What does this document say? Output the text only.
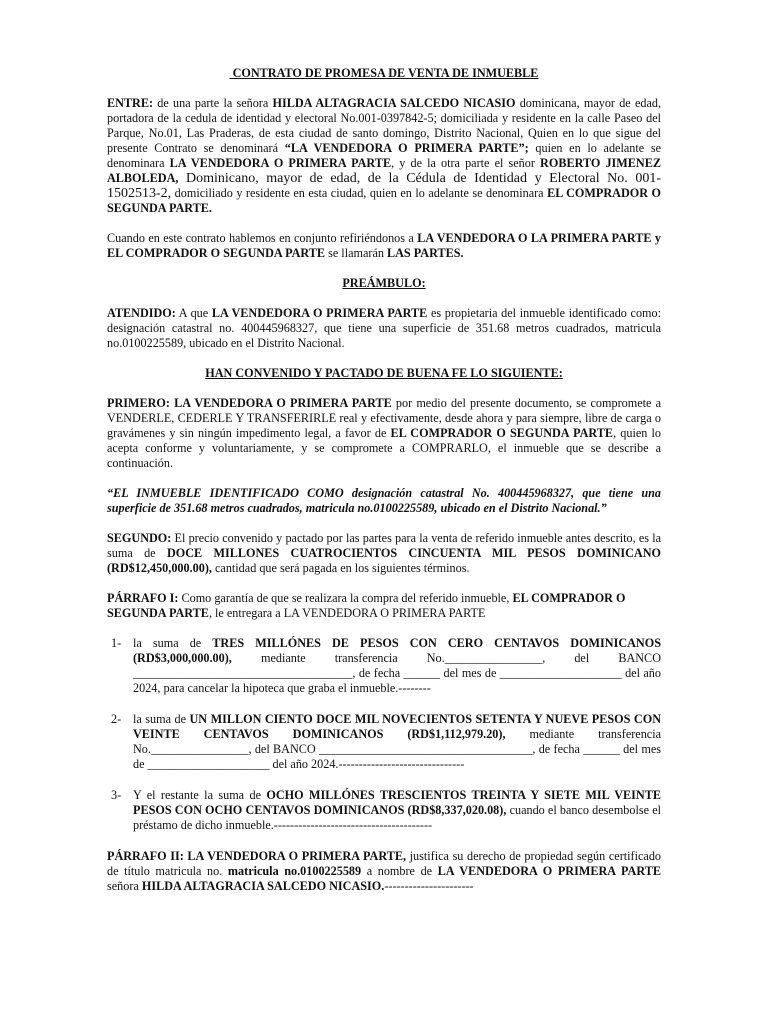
CONTRATO DE PROMESA DE VENTA DE INMUEBLE

ENTRE: de una parte la señora HILDA ALTAGRACIA SALCEDO NICASIO dominicana, mayor de edad, portadora de la cedula de identidad y electoral No.001-0397842-5; domiciliada y residente en la calle Paseo del Parque, No.01, Las Praderas, de esta ciudad de santo domingo, Distrito Nacional, Quien en lo que sigue del presente Contrato se denominará “LA VENDEDORA O PRIMERA PARTE”; quien en lo adelante se denominara LA VENDEDORA O PRIMERA PARTE, y de la otra parte el señor ROBERTO JIMENEZ ALBOLEDA, Dominicano, mayor de edad, de la Cédula de Identidad y Electoral No. 001-1502513-2, domiciliado y residente en esta ciudad, quien en lo adelante se denominara EL COMPRADOR O SEGUNDA PARTE.

Cuando en este contrato hablemos en conjunto refiriéndonos a LA VENDEDORA O LA PRIMERA PARTE y EL COMPRADOR O SEGUNDA PARTE se llamarán LAS PARTES.

PREÁMBULO:

ATENDIDO: A que LA VENDEDORA O PRIMERA PARTE es propietaria del inmueble identificado como: designación catastral no. 400445968327, que tiene una superficie de 351.68 metros cuadrados, matricula no.0100225589, ubicado en el Distrito Nacional.

HAN CONVENIDO Y PACTADO DE BUENA FE LO SIGUIENTE:

PRIMERO: LA VENDEDORA O PRIMERA PARTE por medio del presente documento, se compromete a VENDERLE, CEDERLE Y TRANSFERIRLE real y efectivamente, desde ahora y para siempre, libre de carga o gravámenes y sin ningún impedimento legal, a favor de EL COMPRADOR O SEGUNDA PARTE, quien lo acepta conforme y voluntariamente, y se compromete a COMPRARLO, el inmueble que se describe a continuación.

“EL INMUEBLE IDENTIFICADO COMO designación catastral No. 400445968327, que tiene una superficie de 351.68 metros cuadrados, matricula no.0100225589, ubicado en el Distrito Nacional.”

SEGUNDO: El precio convenido y pactado por las partes para la venta de referido inmueble antes descrito, es la suma de DOCE MILLONES CUATROCIENTOS CINCUENTA MIL PESOS DOMINICANO (RD$12,450,000.00), cantidad que será pagada en los siguientes términos.

PÁRRAFO I: Como garantía de que se realizara la compra del referido inmueble, EL COMPRADOR O SEGUNDA PARTE, le entregara a LA VENDEDORA O PRIMERA PARTE

1- la suma de TRES MILLÓNES DE PESOS CON CERO CENTAVOS DOMINICANOS (RD$3,000,000.00), mediante transferencia No.________________, del BANCO ____________________________________, de fecha ______ del mes de ____________________ del año 2024, para cancelar la hipoteca que graba el inmueble.--------
2- la suma de UN MILLON CIENTO DOCE MIL NOVECIENTOS SETENTA Y NUEVE PESOS CON VEINTE CENTAVOS DOMINICANOS (RD$1,112,979.20), mediante transferencia No.________________, del BANCO ___________________________________, de fecha ______ del mes de ____________________ del año 2024.-------------------------------
3- Y el restante la suma de OCHO MILLÓNES TRESCIENTOS TREINTA Y SIETE MIL VEINTE PESOS CON OCHO CENTAVOS DOMINICANOS (RD$8,337,020.08), cuando el banco desembolse el préstamo de dicho inmueble.---------------------------------------

PÁRRAFO II: LA VENDEDORA O PRIMERA PARTE, justifica su derecho de propiedad según certificado de título matricula no. matricula no.0100225589 a nombre de LA VENDEDORA O PRIMERA PARTE señora HILDA ALTAGRACIA SALCEDO NICASIO.----------------------
